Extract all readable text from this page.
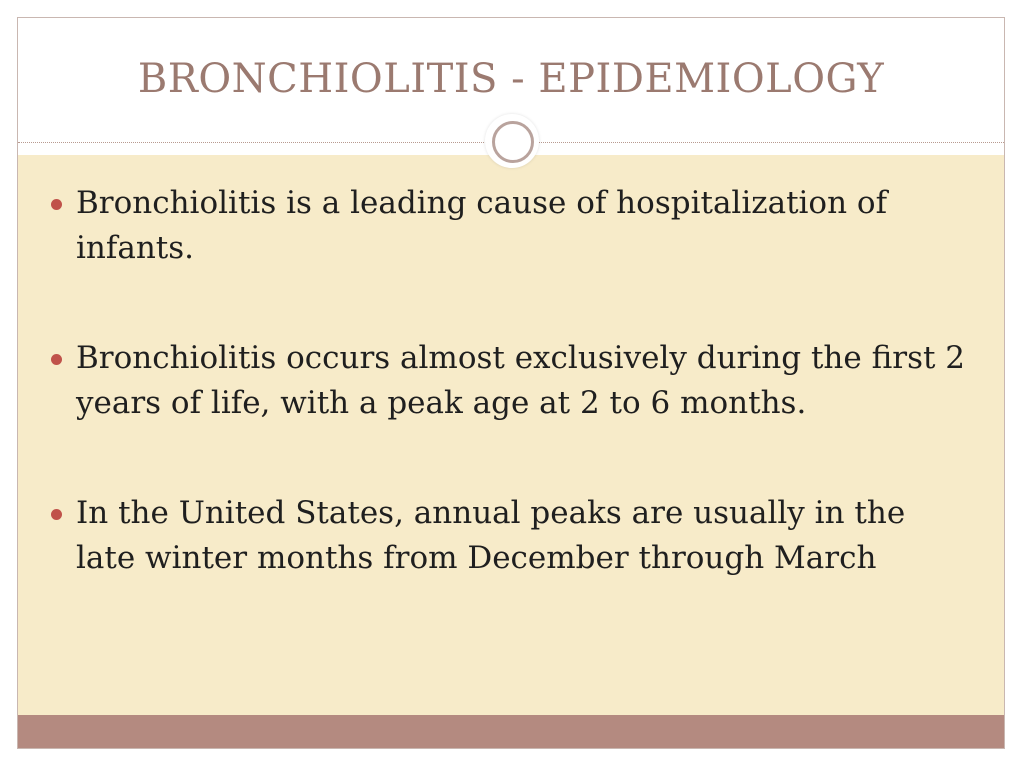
BRONCHIOLITIS - EPIDEMIOLOGY
Bronchiolitis is a leading cause of hospitalization of infants.
Bronchiolitis occurs almost exclusively during the first 2 years of life, with a peak age at 2 to 6 months.
In the United States, annual peaks are usually in the late winter months from December through March
